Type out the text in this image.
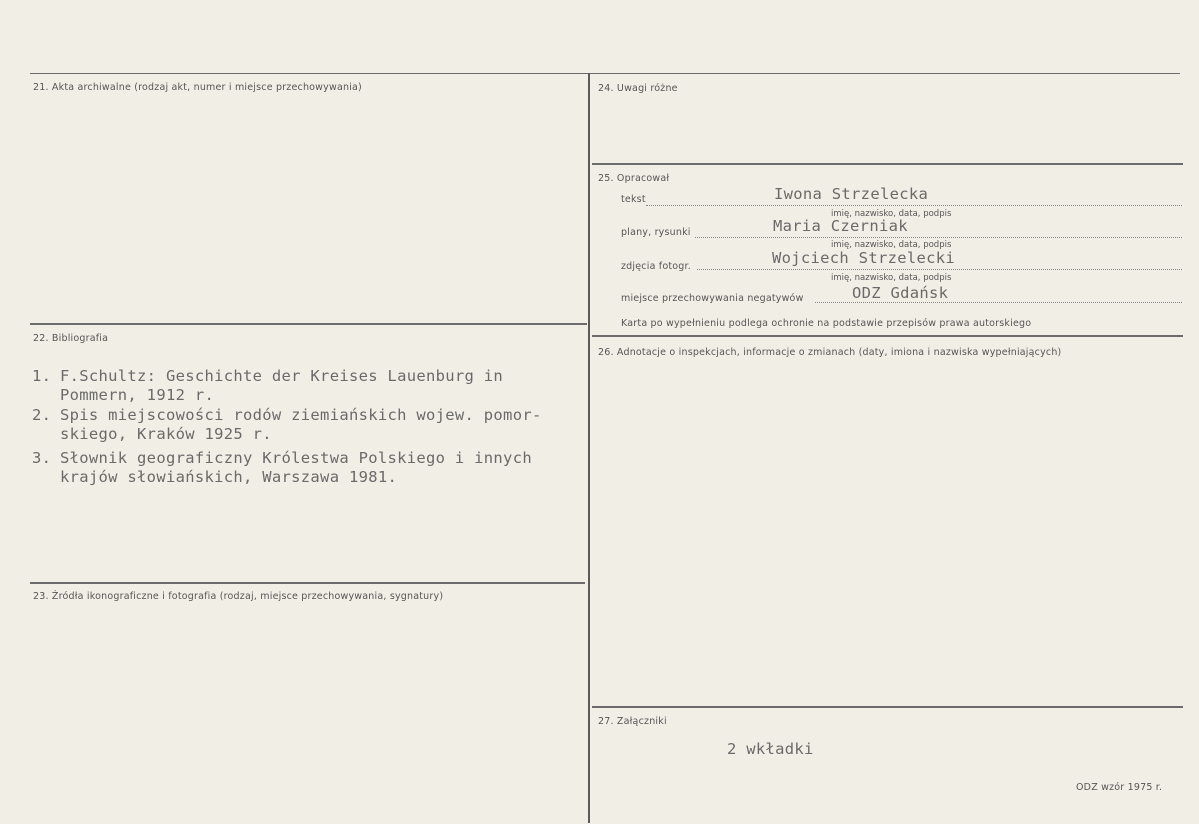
21. Akta archiwalne (rodzaj akt, numer i miejsce przechowywania)
22. Bibliografia
1. F.Schultz: Geschichte der Kreises Lauenburg in
Pommern, 1912 r.
2. Spis miejscowości rodów ziemiańskich wojew. pomor-
skiego, Kraków 1925 r.
3. Słownik geograficzny Królestwa Polskiego i innych
krajów słowiańskich, Warszawa 1981.
23. Źródła ikonograficzne i fotografia (rodzaj, miejsce przechowywania, sygnatury)
24. Uwagi różne
25. Opracował
tekst	Iwona Strzelecka
imię, nazwisko, data, podpis
plany, rysunki	Maria Czerniak
imię, nazwisko, data, podpis
zdjęcia fotogr.	Wojciech Strzelecki
imię, nazwisko, data, podpis
miejsce przechowywania negatywów	ODZ Gdańsk
Karta po wypełnieniu podlega ochronie na podstawie przepisów prawa autorskiego
26. Adnotacje o inspekcjach, informacje o zmianach (daty, imiona i nazwiska wypełniających)
27. Załączniki
2 wkładki
ODZ wzór 1975 r.
